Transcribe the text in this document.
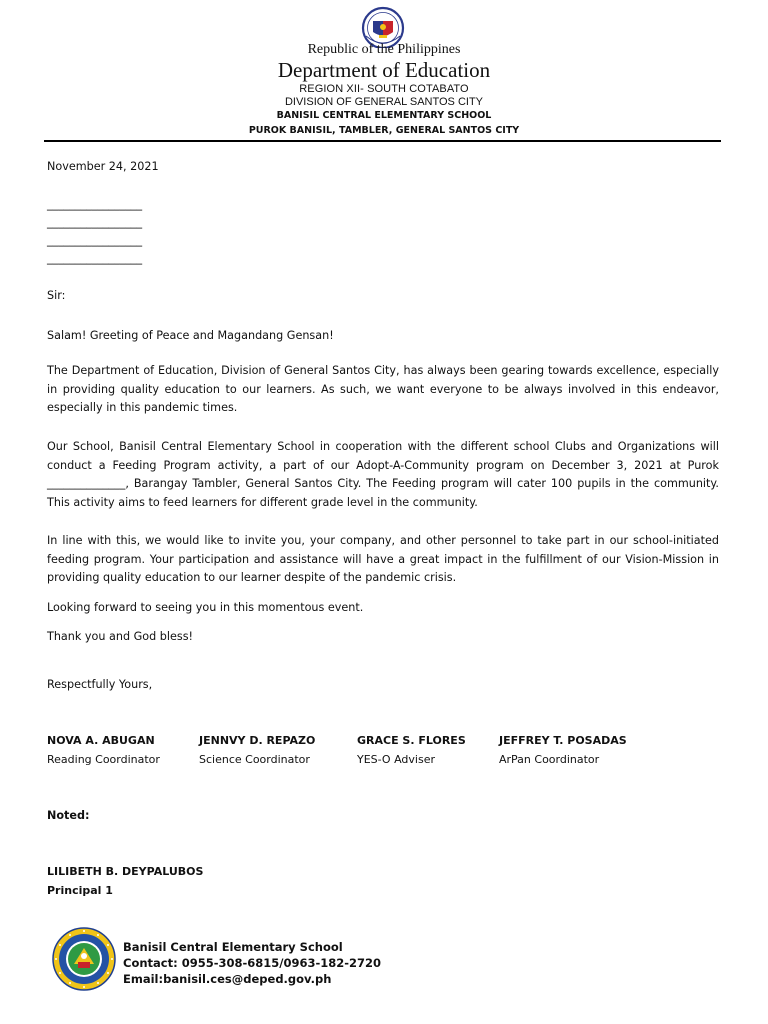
Republic of the Philippines
Department of Education
REGION XII- SOUTH COTABATO
DIVISION OF GENERAL SANTOS CITY
BANISIL CENTRAL ELEMENTARY SCHOOL
PUROK BANISIL, TAMBLER, GENERAL SANTOS CITY
November 24, 2021
_________________
_________________
_________________
_________________
Sir:
Salam! Greeting of Peace and Magandang Gensan!
The Department of Education, Division of General Santos City, has always been gearing towards excellence, especially in providing quality education to our learners. As such, we want everyone to be always involved in this endeavor, especially in this pandemic times.
Our School, Banisil Central Elementary School in cooperation with the different school Clubs and Organizations will conduct a Feeding Program activity, a part of our Adopt-A-Community program on December 3, 2021 at Purok ______________, Barangay Tambler, General Santos City. The Feeding program will cater 100 pupils in the community. This activity aims to feed learners for different grade level in the community.
In line with this, we would like to invite you, your company, and other personnel to take part in our school-initiated feeding program. Your participation and assistance will have a great impact in the fulfillment of our Vision-Mission in providing quality education to our learner despite of the pandemic crisis.
Looking forward to seeing you in this momentous event.
Thank you and God bless!
Respectfully Yours,
NOVA A. ABUGAN
Reading Coordinator
JENNVY D. REPAZO
Science Coordinator
GRACE S. FLORES
YES-O Adviser
JEFFREY T. POSADAS
ArPan Coordinator
Noted:
LILIBETH B. DEYPALUBOS
Principal 1
Banisil Central Elementary School
Contact: 0955-308-6815/0963-182-2720
Email:banisil.ces@deped.gov.ph
